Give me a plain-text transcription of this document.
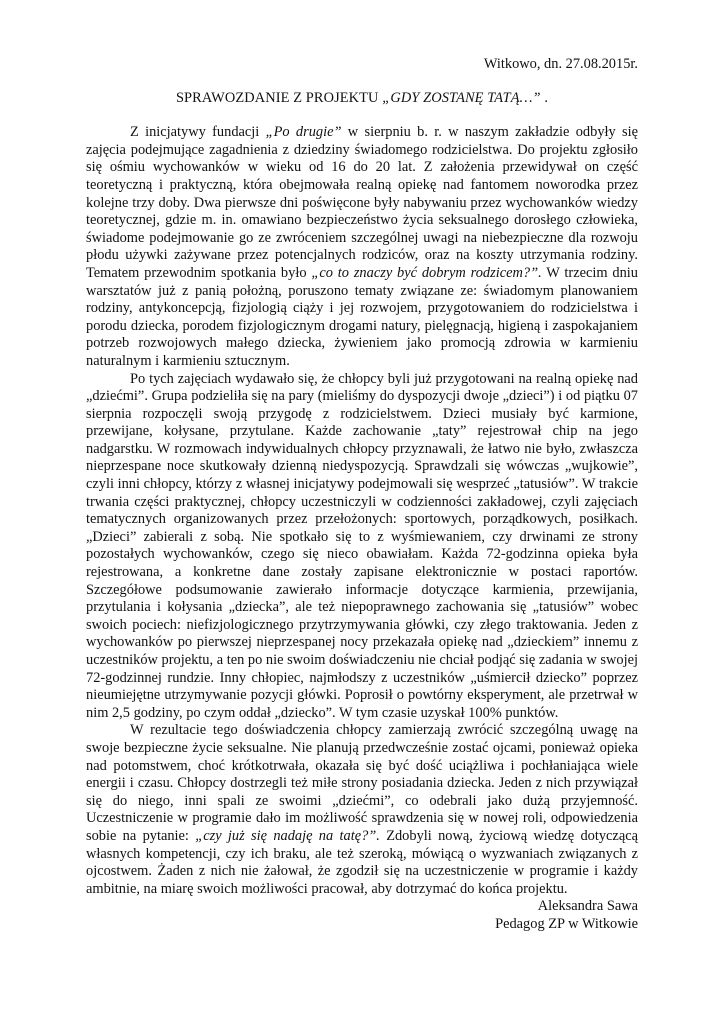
Witkowo, dn. 27.08.2015r.
SPRAWOZDANIE Z PROJEKTU „GDY ZOSTANĘ TATĄ…” .

Z inicjatywy fundacji „Po drugie” w sierpniu b. r. w naszym zakładzie odbyły się zajęcia podejmujące zagadnienia z dziedziny świadomego rodzicielstwa. Do projektu zgłosiło się ośmiu wychowanków w wieku od 16 do 20 lat. Z założenia przewidywał on część teoretyczną i praktyczną, która obejmowała realną opiekę nad fantomem noworodka przez kolejne trzy doby. Dwa pierwsze dni poświęcone były nabywaniu przez wychowanków wiedzy teoretycznej, gdzie m. in. omawiano bezpieczeństwo życia seksualnego dorosłego człowieka, świadome podejmowanie go ze zwróceniem szczególnej uwagi na niebezpieczne dla rozwoju płodu używki zażywane przez potencjalnych rodziców, oraz na koszty utrzymania rodziny. Tematem przewodnim spotkania było „co to znaczy być dobrym rodzicem?”. W trzecim dniu warsztatów już z panią położną, poruszono tematy związane ze: świadomym planowaniem rodziny, antykoncepcją, fizjologią ciąży i jej rozwojem, przygotowaniem do rodzicielstwa i porodu dziecka, porodem fizjologicznym drogami natury, pielęgnacją, higieną i zaspokajaniem potrzeb rozwojowych małego dziecka, żywieniem jako promocją zdrowia w karmieniu naturalnym i karmieniu sztucznym.

Po tych zajęciach wydawało się, że chłopcy byli już przygotowani na realną opiekę nad „dziećmi”. Grupa podzieliła się na pary (mieliśmy do dyspozycji dwoje „dzieci”) i od piątku 07 sierpnia rozpoczęli swoją przygodę z rodzicielstwem. Dzieci musiały być karmione, przewijane, kołysane, przytulane. Każde zachowanie „taty” rejestrował chip na jego nadgarstku. W rozmowach indywidualnych chłopcy przyznawali, że łatwo nie było, zwłaszcza nieprzespane noce skutkowały dzienną niedyspozycją. Sprawdzali się wówczas „wujkowie”, czyli inni chłopcy, którzy z własnej inicjatywy podejmowali się wesprzeć „tatusiów”. W trakcie trwania części praktycznej, chłopcy uczestniczyli w codzienności zakładowej, czyli zajęciach tematycznych organizowanych przez przełożonych: sportowych, porządkowych, posiłkach. „Dzieci” zabierali z sobą. Nie spotkało się to z wyśmiewaniem, czy drwinami ze strony pozostałych wychowanków, czego się nieco obawiałam. Każda 72-godzinna opieka była rejestrowana, a konkretne dane zostały zapisane elektronicznie w postaci raportów. Szczegółowe podsumowanie zawierało informacje dotyczące karmienia, przewijania, przytulania i kołysania „dziecka”, ale też niepoprawnego zachowania się „tatusiów” wobec swoich pociech: niefizjologicznego przytrzymywania główki, czy złego traktowania. Jeden z wychowanków po pierwszej nieprzespanej nocy przekazała opiekę nad „dzieckiem” innemu z uczestników projektu, a ten po nie swoim doświadczeniu nie chciał podjąć się zadania w swojej 72-godzinnej rundzie. Inny chłopiec, najmłodszy z uczestników „uśmiercił dziecko” poprzez nieumiejętne utrzymywanie pozycji główki. Poprosił o powtórny eksperyment, ale przetrwał w nim 2,5 godziny, po czym oddał „dziecko”. W tym czasie uzyskał 100% punktów.

W rezultacie tego doświadczenia chłopcy zamierzają zwrócić szczególną uwagę na swoje bezpieczne życie seksualne. Nie planują przedwcześnie zostać ojcami, ponieważ opieka nad potomstwem, choć krótkotrwała, okazała się być dość uciążliwa i pochłaniająca wiele energii i czasu. Chłopcy dostrzegli też miłe strony posiadania dziecka. Jeden z nich przywiązał się do niego, inni spali ze swoimi „dziećmi”, co odebrali jako dużą przyjemność. Uczestniczenie w programie dało im możliwość sprawdzenia się w nowej roli, odpowiedzenia sobie na pytanie: „czy już się nadaję na tatę?”. Zdobyli nową, życiową wiedzę dotyczącą własnych kompetencji, czy ich braku, ale też szeroką, mówiącą o wyzwaniach związanych z ojcostwem. Żaden z nich nie żałował, że zgodził się na uczestniczenie w programie i każdy ambitnie, na miarę swoich możliwości pracował, aby dotrzymać do końca projektu.

Aleksandra Sawa
Pedagog ZP w Witkowie
